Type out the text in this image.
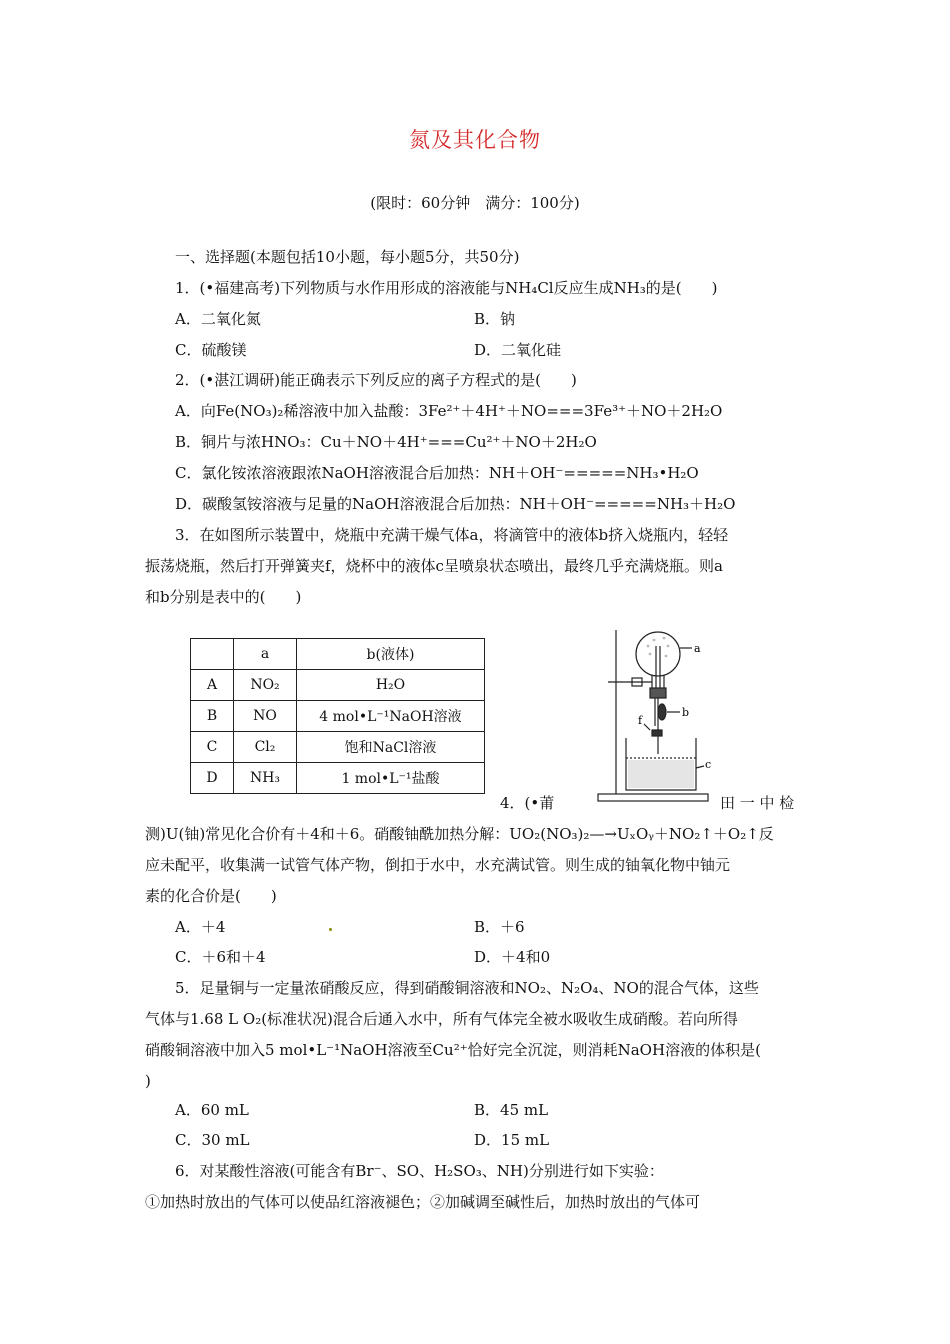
氮及其化合物
(限时：60分钟　满分：100分)
一、选择题(本题包括10小题，每小题5分，共50分)
1．(•福建高考)下列物质与水作用形成的溶液能与NH₄Cl反应生成NH₃的是(　　)
A．二氧化氮	B．钠
C．硫酸镁	D．二氧化硅
2．(•湛江调研)能正确表示下列反应的离子方程式的是(　　)
A．向Fe(NO₃)₂稀溶液中加入盐酸：3Fe²⁺＋4H⁺＋NO===3Fe³⁺＋NO＋2H₂O
B．铜片与浓HNO₃：Cu＋NO＋4H⁺===Cu²⁺＋NO＋2H₂O
C．氯化铵浓溶液跟浓NaOH溶液混合后加热：NH＋OH⁻=====NH₃•H₂O
D．碳酸氢铵溶液与足量的NaOH溶液混合后加热：NH＋OH⁻=====NH₃＋H₂O
3．在如图所示装置中，烧瓶中充满干燥气体a，将滴管中的液体b挤入烧瓶内，轻轻
振荡烧瓶，然后打开弹簧夹f，烧杯中的液体c呈喷泉状态喷出，最终几乎充满烧瓶。则a
和b分别是表中的(　　)
	a	b(液体)
A	NO₂	H₂O
B	NO	4 mol•L⁻¹NaOH溶液
C	Cl₂	饱和NaCl溶液
D	NH₃	1 mol•L⁻¹盐酸
a
b
f
c
4．(•莆	田 一 中 检
测)U(铀)常见化合价有＋4和＋6。硝酸铀酰加热分解：UO₂(NO₃)₂—→UₓOᵧ＋NO₂↑＋O₂↑反
应未配平，收集满一试管气体产物，倒扣于水中，水充满试管。则生成的铀氧化物中铀元
素的化合价是(　　)
A．＋4	B．＋6
C．＋6和＋4	D．＋4和0
5．足量铜与一定量浓硝酸反应，得到硝酸铜溶液和NO₂、N₂O₄、NO的混合气体，这些
气体与1.68 L O₂(标准状况)混合后通入水中，所有气体完全被水吸收生成硝酸。若向所得
硝酸铜溶液中加入5 mol•L⁻¹NaOH溶液至Cu²⁺恰好完全沉淀，则消耗NaOH溶液的体积是(
)
A．60 mL	B．45 mL
C．30 mL	D．15 mL
6．对某酸性溶液(可能含有Br⁻、SO、H₂SO₃、NH)分别进行如下实验：
①加热时放出的气体可以使品红溶液褪色；②加碱调至碱性后，加热时放出的气体可
